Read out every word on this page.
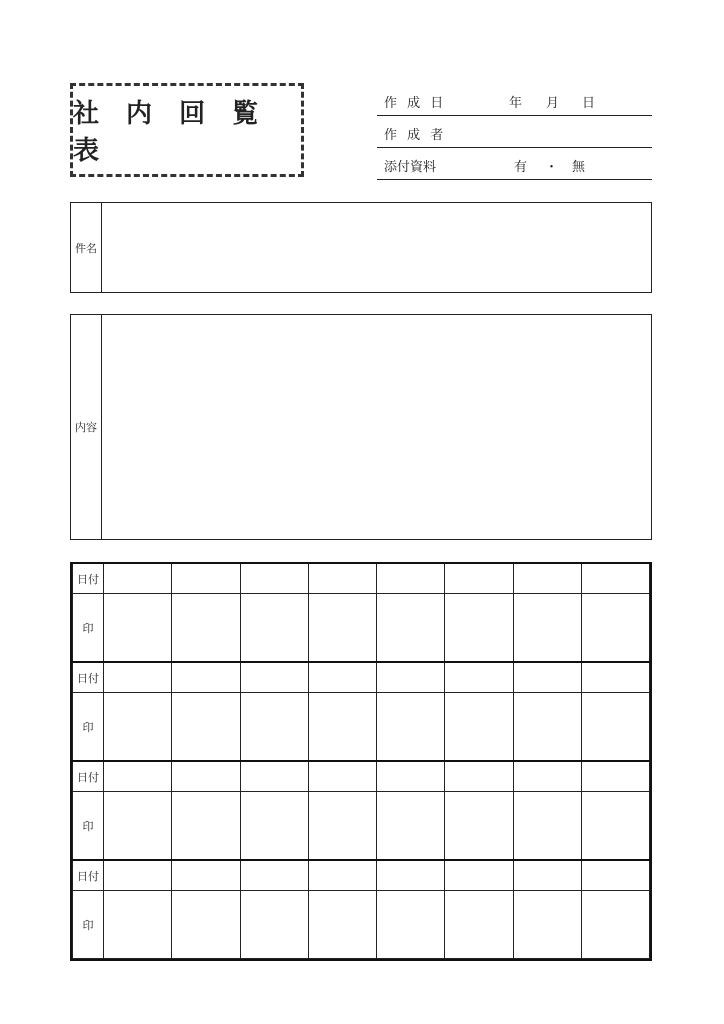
社 内 回 覧 表
作 成 日	年 月 日
作 成 者
添付資料	有 ・ 無
件名
内容
日付								
印								
日付								
印								
日付								
印								
日付								
印								
